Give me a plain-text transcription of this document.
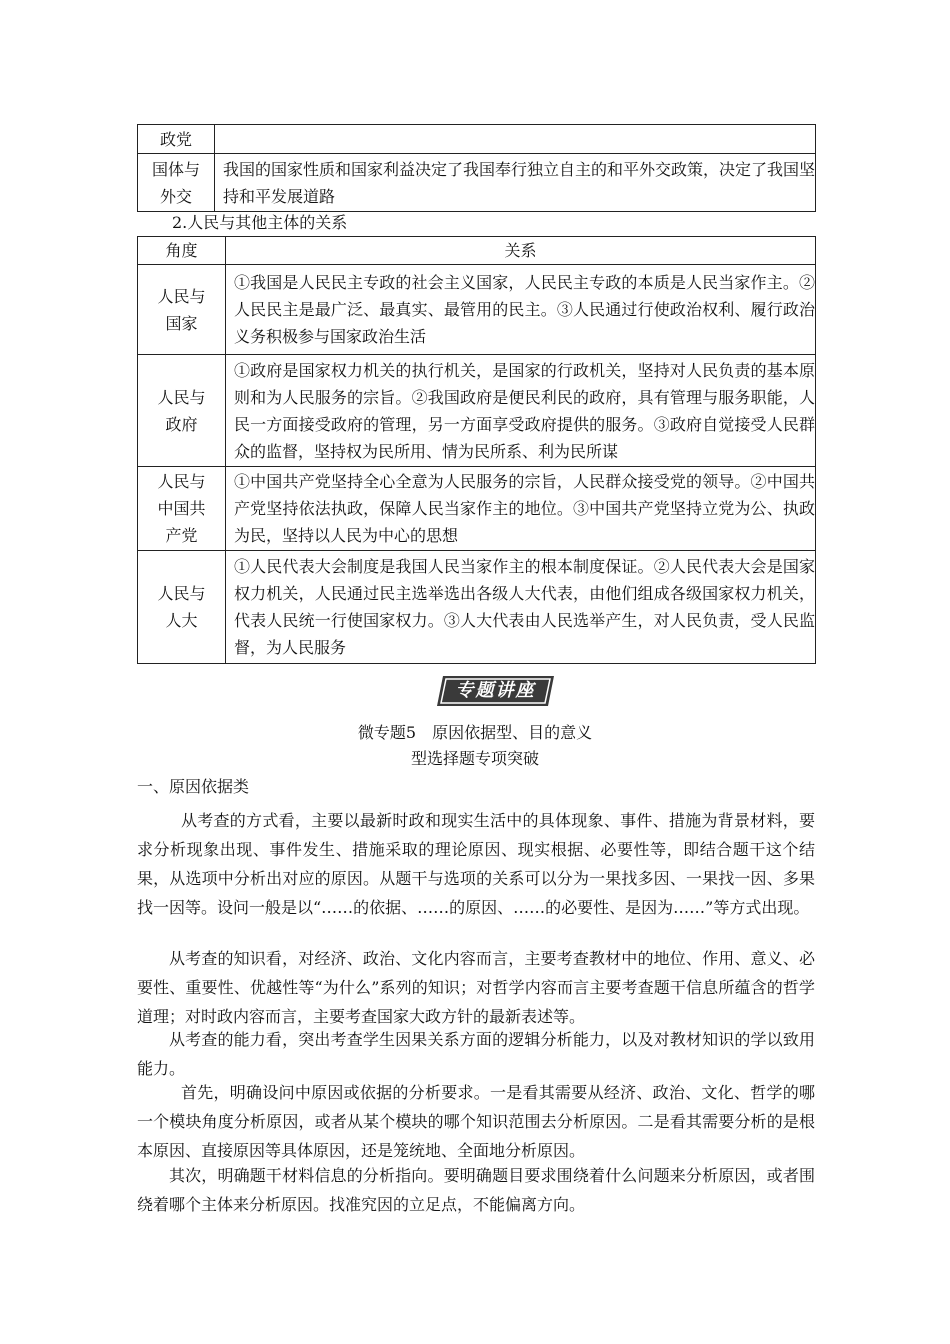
政党	
国体与外交	我国的国家性质和国家利益决定了我国奉行独立自主的和平外交政策，决定了我国坚持和平发展道路
2.人民与其他主体的关系
角度	关系
人民与国家	①我国是人民民主专政的社会主义国家，人民民主专政的本质是人民当家作主。②人民民主是最广泛、最真实、最管用的民主。③人民通过行使政治权利、履行政治义务积极参与国家政治生活
人民与政府	①政府是国家权力机关的执行机关，是国家的行政机关，坚持对人民负责的基本原则和为人民服务的宗旨。②我国政府是便民利民的政府，具有管理与服务职能，人民一方面接受政府的管理，另一方面享受政府提供的服务。③政府自觉接受人民群众的监督，坚持权为民所用、情为民所系、利为民所谋
人民与中国共产党	①中国共产党坚持全心全意为人民服务的宗旨，人民群众接受党的领导。②中国共产党坚持依法执政，保障人民当家作主的地位。③中国共产党坚持立党为公、执政为民，坚持以人民为中心的思想
人民与人大	①人民代表大会制度是我国人民当家作主的根本制度保证。②人民代表大会是国家权力机关，人民通过民主选举选出各级人大代表，由他们组成各级国家权力机关，代表人民统一行使国家权力。③人大代表由人民选举产生，对人民负责，受人民监督，为人民服务
专题讲座
微专题5　原因依据型、目的意义
型选择题专项突破
一、原因依据类

从考查的方式看，主要以最新时政和现实生活中的具体现象、事件、措施为背景材料，要求分析现象出现、事件发生、措施采取的理论原因、现实根据、必要性等，即结合题干这个结果，从选项中分析出对应的原因。从题干与选项的关系可以分为一果找多因、一果找一因、多果找一因等。设问一般是以“……的依据、……的原因、……的必要性、是因为……”等方式出现。

从考查的知识看，对经济、政治、文化内容而言，主要考查教材中的地位、作用、意义、必要性、重要性、优越性等“为什么”系列的知识；对哲学内容而言主要考查题干信息所蕴含的哲学道理；对时政内容而言，主要考查国家大政方针的最新表述等。

从考查的能力看，突出考查学生因果关系方面的逻辑分析能力，以及对教材知识的学以致用能力。

首先，明确设问中原因或依据的分析要求。一是看其需要从经济、政治、文化、哲学的哪一个模块角度分析原因，或者从某个模块的哪个知识范围去分析原因。二是看其需要分析的是根本原因、直接原因等具体原因，还是笼统地、全面地分析原因。

其次，明确题干材料信息的分析指向。要明确题目要求围绕着什么问题来分析原因，或者围绕着哪个主体来分析原因。找准究因的立足点，不能偏离方向。
